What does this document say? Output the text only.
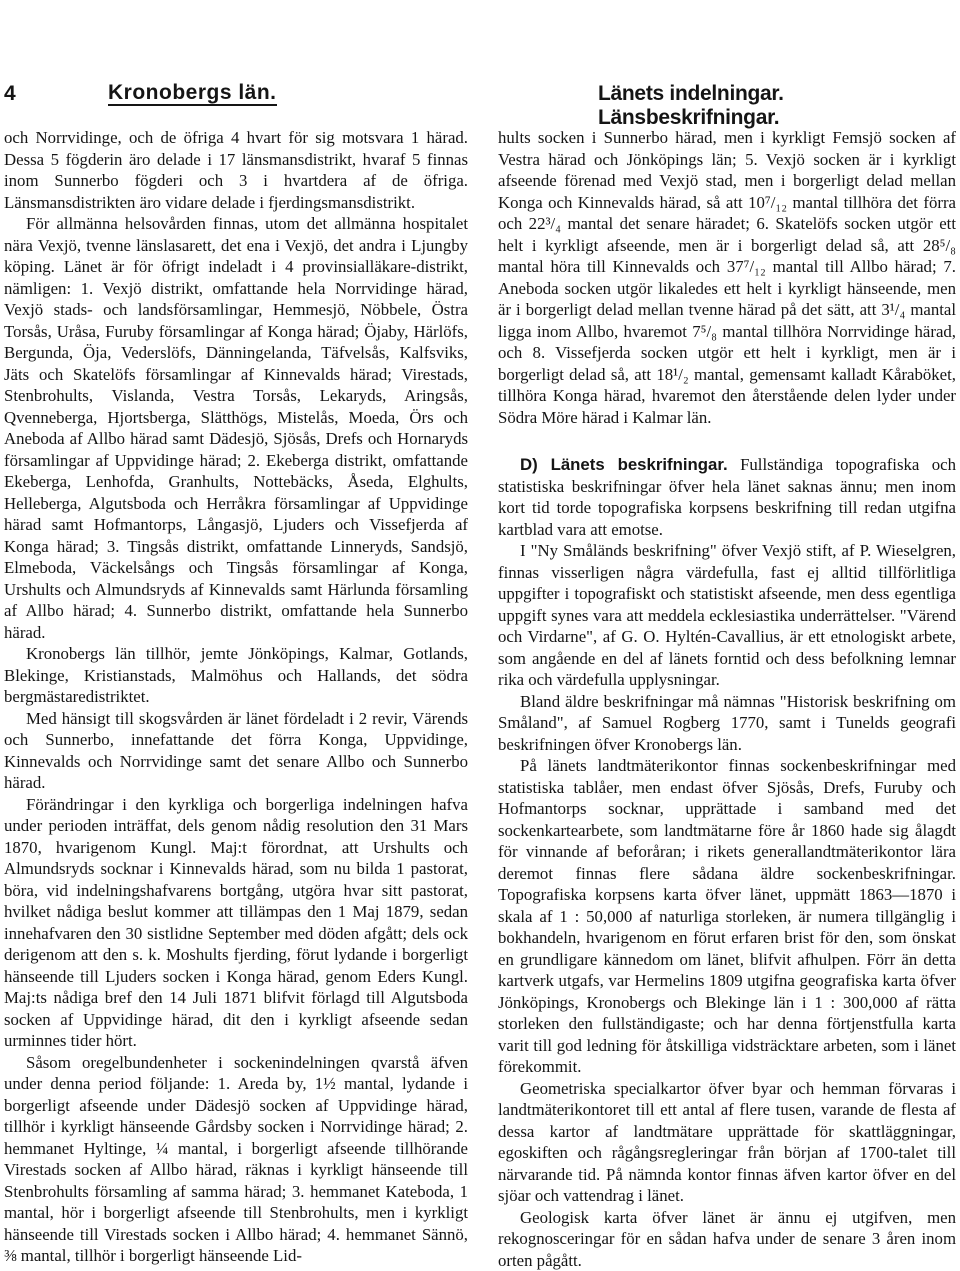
4	Kronobergs län.	Länets indelningar. Länsbeskrifningar.

och Norrvidinge, och de öfriga 4 hvart för sig motsvara 1 härad. Dessa 5 fögderin äro delade i 17 länsmansdistrikt, hvaraf 5 finnas inom Sunnerbo fögderi och 3 i hvartdera af de öfriga. Länsmansdistrikten äro vidare delade i fjerdingsmansdistrikt.

För allmänna helsovården finnas, utom det allmänna hospitalet nära Vexjö, tvenne länslasarett, det ena i Vexjö, det andra i Ljungby köping. Länet är för öfrigt indeladt i 4 provinsialläkare-distrikt, nämligen: 1. Vexjö distrikt, omfattande hela Norrvidinge härad, Vexjö stads- och landsförsamlingar, Hemmesjö, Nöbbele, Östra Torsås, Uråsa, Furuby församlingar af Konga härad; Öjaby, Härlöfs, Bergunda, Öja, Vederslöfs, Dänningelanda, Täfvelsås, Kalfsviks, Jäts och Skatelöfs församlingar af Kinnevalds härad; Virestads, Stenbrohults, Vislanda, Vestra Torsås, Lekaryds, Aringsås, Qvenneberga, Hjortsberga, Slätthögs, Mistelås, Moeda, Örs och Aneboda af Allbo härad samt Dädesjö, Sjösås, Drefs och Hornaryds församlingar af Uppvidinge härad; 2. Ekeberga distrikt, omfattande Ekeberga, Lenhofda, Granhults, Nottebäcks, Åseda, Elghults, Helleberga, Algutsboda och Herråkra församlingar af Uppvidinge härad samt Hofmantorps, Långasjö, Ljuders och Vissefjerda af Konga härad; 3. Tingsås distrikt, omfattande Linneryds, Sandsjö, Elmeboda, Väckelsångs och Tingsås församlingar af Konga, Urshults och Almundsryds af Kinnevalds samt Härlunda församling af Allbo härad; 4. Sunnerbo distrikt, omfattande hela Sunnerbo härad.

Kronobergs län tillhör, jemte Jönköpings, Kalmar, Gotlands, Blekinge, Kristianstads, Malmöhus och Hallands, det södra bergmästaredistriktet.

Med hänsigt till skogsvården är länet fördeladt i 2 revir, Värends och Sunnerbo, innefattande det förra Konga, Uppvidinge, Kinnevalds och Norrvidinge samt det senare Allbo och Sunnerbo härad.

Förändringar i den kyrkliga och borgerliga indelningen hafva under perioden inträffat, dels genom nådig resolution den 31 Mars 1870, hvarigenom Kungl. Maj:t förordnat, att Urshults och Almundsryds socknar i Kinnevalds härad, som nu bilda 1 pastorat, böra, vid indelningshafvarens bortgång, utgöra hvar sitt pastorat, hvilket nådiga beslut kommer att tillämpas den 1 Maj 1879, sedan innehafvaren den 30 sistlidne September med döden afgått; dels ock derigenom att den s. k. Moshults fjerding, förut lydande i borgerligt hänseende till Ljuders socken i Konga härad, genom Eders Kungl. Maj:ts nådiga bref den 14 Juli 1871 blifvit förlagd till Algutsboda socken af Uppvidinge härad, dit den i kyrkligt afseende sedan urminnes tider hört.

Såsom oregelbundenheter i sockenindelningen qvarstå äfven under denna period följande: 1. Areda by, 1½ mantal, lydande i borgerligt afseende under Dädesjö socken af Uppvidinge härad, tillhör i kyrkligt hänseende Gårdsby socken i Norrvidinge härad; 2. hemmanet Hyltinge, ¼ mantal, i borgerligt afseende tillhörande Virestads socken af Allbo härad, räknas i kyrkligt hänseende till Stenbrohults församling af samma härad; 3. hemmanet Kateboda, 1 mantal, hör i borgerligt afseende till Stenbrohults, men i kyrkligt hänseende till Virestads socken i Allbo härad; 4. hemmanet Sännö, ⅜ mantal, tillhör i borgerligt hänseende Lid-

hults socken i Sunnerbo härad, men i kyrkligt Femsjö socken af Vestra härad och Jönköpings län; 5. Vexjö socken är i kyrkligt afseende förenad med Vexjö stad, men i borgerligt delad mellan Konga och Kinnevalds härad, så att 10⁷/₁₂ mantal tillhöra det förra och 22³/₄ mantal det senare häradet; 6. Skatelöfs socken utgör ett helt i kyrkligt afseende, men är i borgerligt delad så, att 28⁵/₈ mantal höra till Kinnevalds och 37⁷/₁₂ mantal till Allbo härad; 7. Aneboda socken utgör likaledes ett helt i kyrkligt hänseende, men är i borgerligt delad mellan tvenne härad på det sätt, att 3¹/₄ mantal ligga inom Allbo, hvaremot 7⁵/₈ mantal tillhöra Norrvidinge härad, och 8. Vissefjerda socken utgör ett helt i kyrkligt, men är i borgerligt delad så, att 18¹/₂ mantal, gemensamt kalladt Kåraböket, tillhöra Konga härad, hvaremot den återstående delen lyder under Södra Möre härad i Kalmar län.

D) Länets beskrifningar. Fullständiga topografiska och statistiska beskrifningar öfver hela länet saknas ännu; men inom kort tid torde topografiska korpsens beskrifning till redan utgifna kartblad vara att emotse.

I "Ny Småländs beskrifning" öfver Vexjö stift, af P. Wieselgren, finnas visserligen några värdefulla, fast ej alltid tillförlitliga uppgifter i topografiskt och statistiskt afseende, men dess egentliga uppgift synes vara att meddela ecklesiastika underrättelser. "Värend och Virdarne", af G. O. Hyltén-Cavallius, är ett etnologiskt arbete, som angående en del af länets forntid och dess befolkning lemnar rika och värdefulla upplysningar.

Bland äldre beskrifningar må nämnas "Historisk beskrifning om Småland", af Samuel Rogberg 1770, samt i Tunelds geografi beskrifningen öfver Kronobergs län.

På länets landtmäterikontor finnas sockenbeskrifningar med statistiska tablåer, men endast öfver Sjösås, Drefs, Furuby och Hofmantorps socknar, upprättade i samband med det sockenkartearbete, som landtmätarne före år 1860 hade sig ålagdt för vinnande af beforåran; i rikets generallandtmäterikontor lära deremot finnas flere sådana äldre sockenbeskrifningar. Topografiska korpsens karta öfver länet, uppmätt 1863—1870 i skala af 1 : 50,000 af naturliga storleken, är numera tillgänglig i bokhandeln, hvarigenom en förut erfaren brist för den, som önskat en grundligare kännedom om länet, blifvit afhulpen. Förr än detta kartverk utgafs, var Hermelins 1809 utgifna geografiska karta öfver Jönköpings, Kronobergs och Blekinge län i 1 : 300,000 af rätta storleken den fullständigaste; och har denna förtjenstfulla karta varit till god ledning för åtskilliga vidsträcktare arbeten, som i länet förekommit.

Geometriska specialkartor öfver byar och hemman förvaras i landtmäterikontoret till ett antal af flere tusen, varande de flesta af dessa kartor af landtmätare upprättade för skattläggningar, egoskiften och rågångsregleringar från början af 1700-talet till närvarande tid. På nämnda kontor finnas äfven kartor öfver en del sjöar och vattendrag i länet.

Geologisk karta öfver länet är ännu ej utgifven, men rekognosceringar för en sådan hafva under de senare 3 åren inom orten pågått.
